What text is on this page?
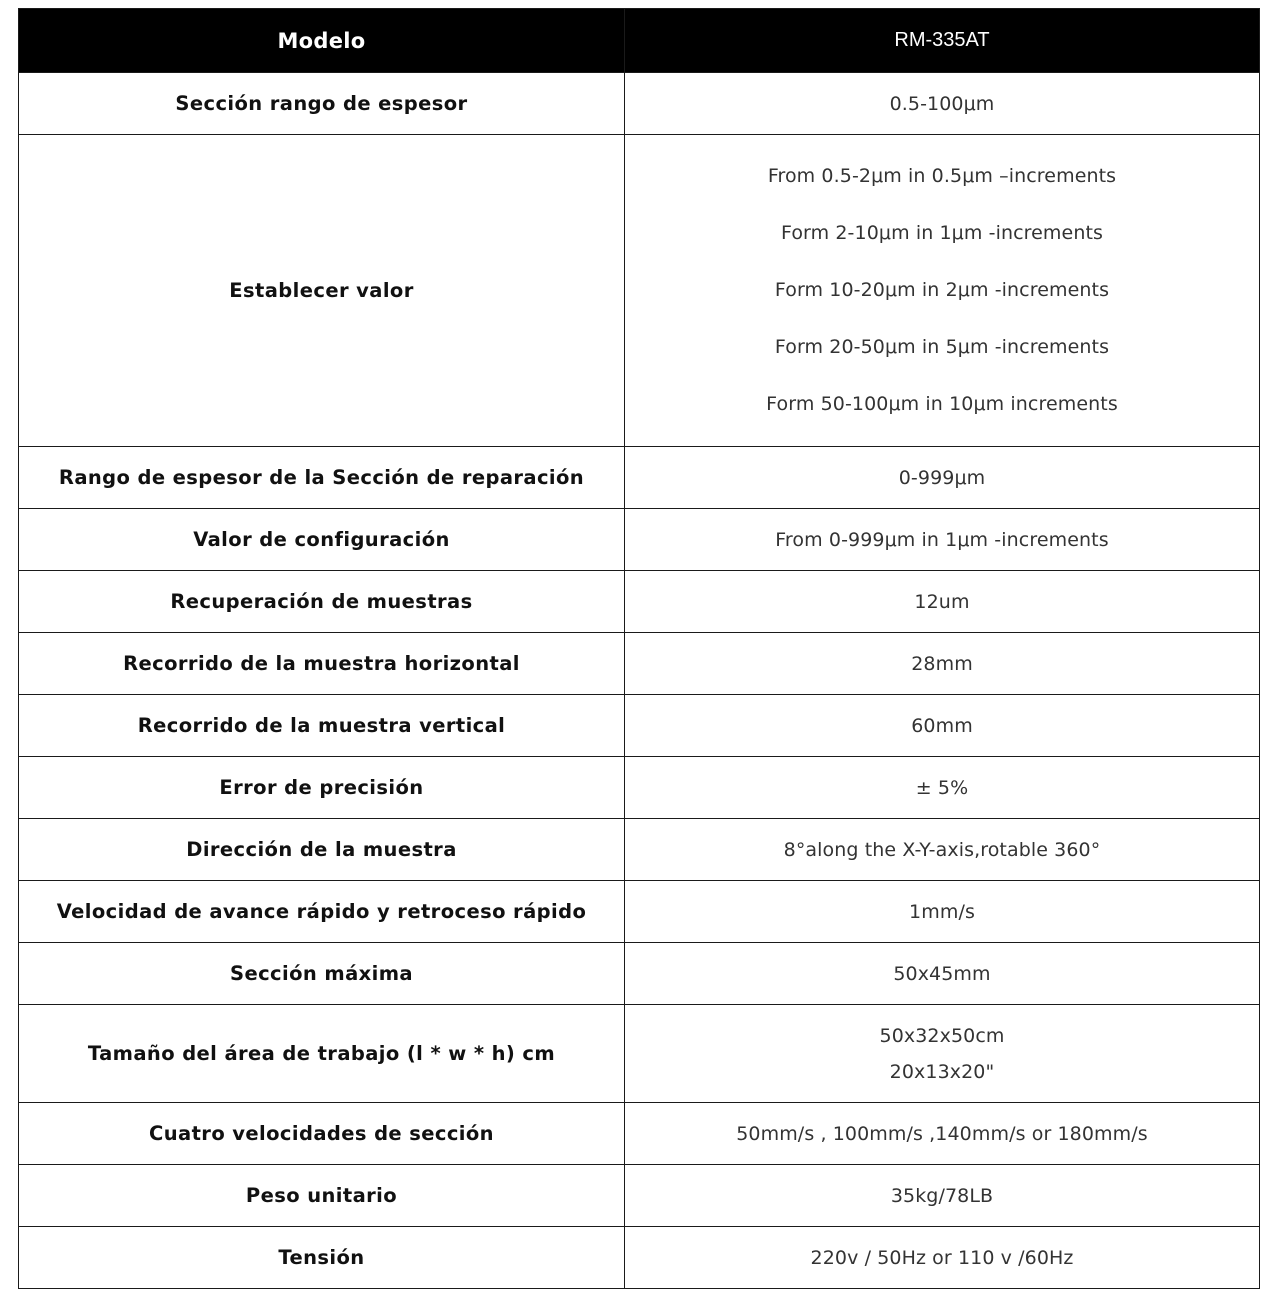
Modelo	RM-335AT
Sección rango de espesor	0.5-100μm
Establecer valor	From 0.5-2μm in 0.5μm –increments
Form 2-10μm in 1μm -increments
Form 10-20μm in 2μm -increments
Form 20-50μm in 5μm -increments
Form 50-100μm in 10μm increments

Rango de espesor de la Sección de reparación	0-999μm
Valor de configuración	From 0-999μm in 1μm -increments
Recuperación de muestras	12um
Recorrido de la muestra horizontal	28mm
Recorrido de la muestra vertical	60mm
Error de precisión	± 5%
Dirección de la muestra	8°along the X-Y-axis,rotable 360°
Velocidad de avance rápido y retroceso rápido	1mm/s
Sección máxima	50x45mm
Tamaño del área de trabajo (l * w * h) cm	50x32x50cm
20x13x20"

Cuatro velocidades de sección	50mm/s , 100mm/s ,140mm/s or 180mm/s
Peso unitario	35kg/78LB
Tensión	220v / 50Hz or 110 v /60Hz
